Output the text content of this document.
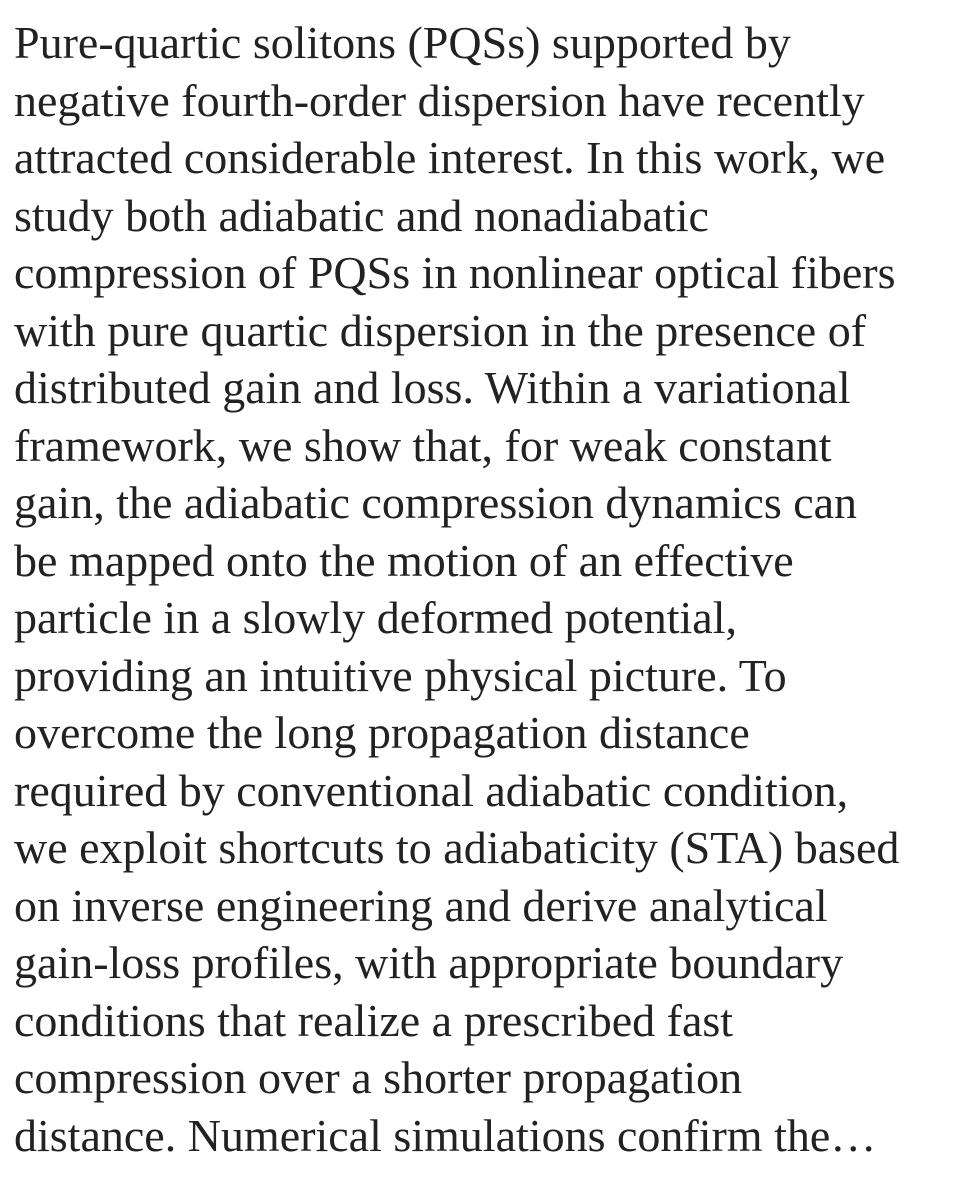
Pure-quartic solitons (PQSs) supported by
negative fourth-order dispersion have recently
attracted considerable interest. In this work, we
study both adiabatic and nonadiabatic
compression of PQSs in nonlinear optical fibers
with pure quartic dispersion in the presence of
distributed gain and loss. Within a variational
framework, we show that, for weak constant
gain, the adiabatic compression dynamics can
be mapped onto the motion of an effective
particle in a slowly deformed potential,
providing an intuitive physical picture. To
overcome the long propagation distance
required by conventional adiabatic condition,
we exploit shortcuts to adiabaticity (STA) based
on inverse engineering and derive analytical
gain-loss profiles, with appropriate boundary
conditions that realize a prescribed fast
compression over a shorter propagation
distance. Numerical simulations confirm the…
